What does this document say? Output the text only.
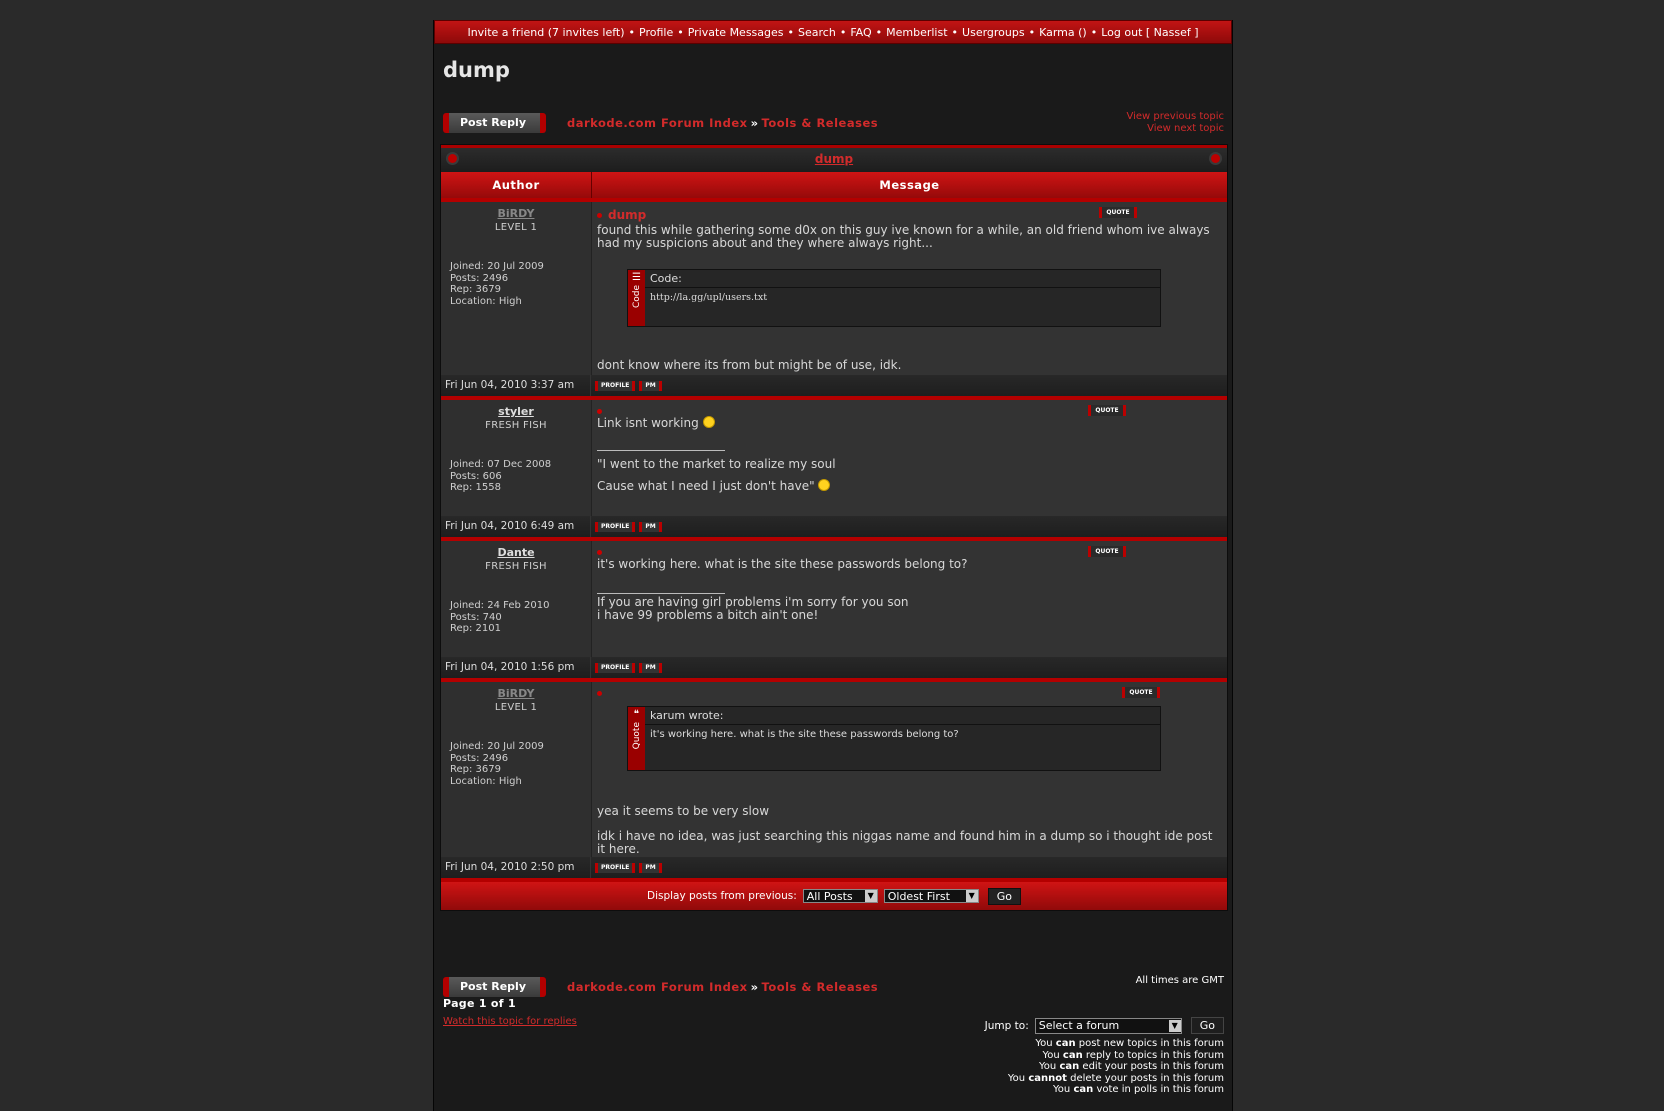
Invite a friend (7 invites left) • Profile • Private Messages • Search • FAQ • Memberlist • Usergroups • Karma () • Log out [ Nassef ]
dump
Post Reply	darkode.com Forum Index » Tools & Releases	View previous topic
View next topic
dump
Author	Message
BiRDY
LEVEL 1
Joined: 20 Jul 2009
Posts: 2496
Rep: 3679
Location: High
dump	QUOTE
found this while gathering some d0x on this guy ive known for a while, an old friend whom ive always had my suspicions about and they where always right...
☰
Code
Code:
http://la.gg/upl/users.txt
dont know where its from but might be of use, idk.
Fri Jun 04, 2010 3:37 am	PROFILE	PM
styler
FRESH FISH
Joined: 07 Dec 2008
Posts: 606
Rep: 1558
QUOTE
Link isnt working
"I went to the market to realize my soul
Cause what I need I just don't have"
Fri Jun 04, 2010 6:49 am	PROFILE	PM
Dante
FRESH FISH
Joined: 24 Feb 2010
Posts: 740
Rep: 2101
QUOTE
it's working here. what is the site these passwords belong to?
If you are having girl problems i'm sorry for you son
i have 99 problems a bitch ain't one!
Fri Jun 04, 2010 1:56 pm	PROFILE	PM
BiRDY
LEVEL 1
Joined: 20 Jul 2009
Posts: 2496
Rep: 3679
Location: High
QUOTE
❝
Quote
karum wrote:
it's working here. what is the site these passwords belong to?
yea it seems to be very slow
idk i have no idea, was just searching this niggas name and found him in a dump so i thought ide post it here.
Fri Jun 04, 2010 2:50 pm	PROFILE	PM
Display posts from previous: All Posts	▼ Oldest First	▼	Go
Post Reply	darkode.com Forum Index » Tools & Releases	All times are GMT
Page 1 of 1
Watch this topic for replies	Jump to: Select a forum	▼	Go
You can post new topics in this forum
You can reply to topics in this forum
You can edit your posts in this forum
You cannot delete your posts in this forum
You can vote in polls in this forum
